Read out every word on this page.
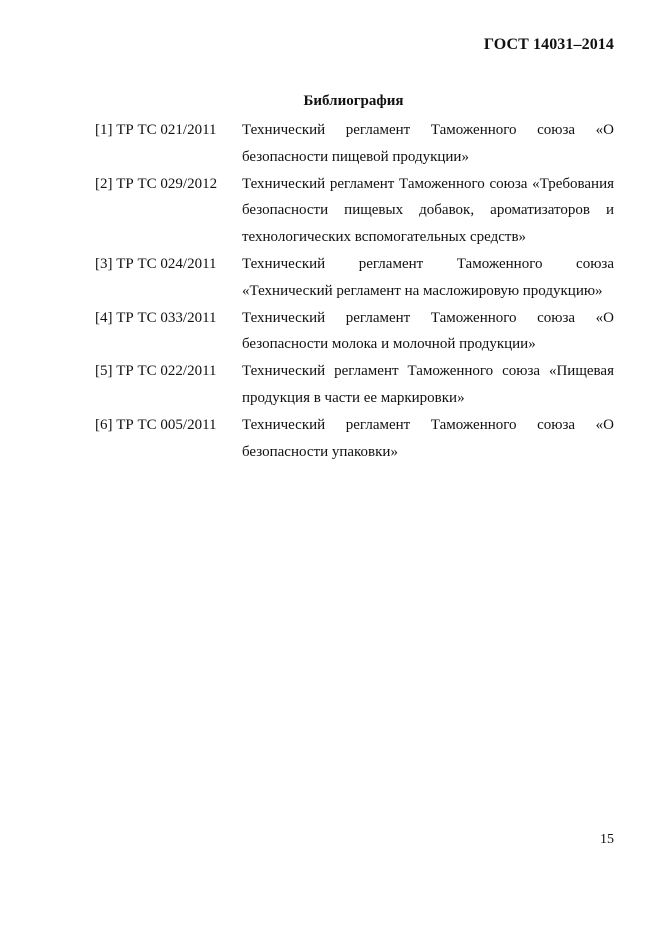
ГОСТ 14031–2014
Библиография
[1] ТР ТС 021/2011	Технический регламент Таможенного союза «О безопасности пищевой продукции»
[2] ТР ТС 029/2012	Технический регламент Таможенного союза «Требования безопасности пищевых добавок, ароматизаторов и технологических вспомогательных средств»
[3] ТР ТС 024/2011	Технический регламент Таможенного союза «Технический регламент на масложировую продукцию»
[4] ТР ТС 033/2011	Технический регламент Таможенного союза «О безопасности молока и молочной продукции»
[5] ТР ТС 022/2011	Технический регламент Таможенного союза «Пищевая продукция в части ее маркировки»
[6] ТР ТС 005/2011	Технический регламент Таможенного союза «О безопасности упаковки»
15
